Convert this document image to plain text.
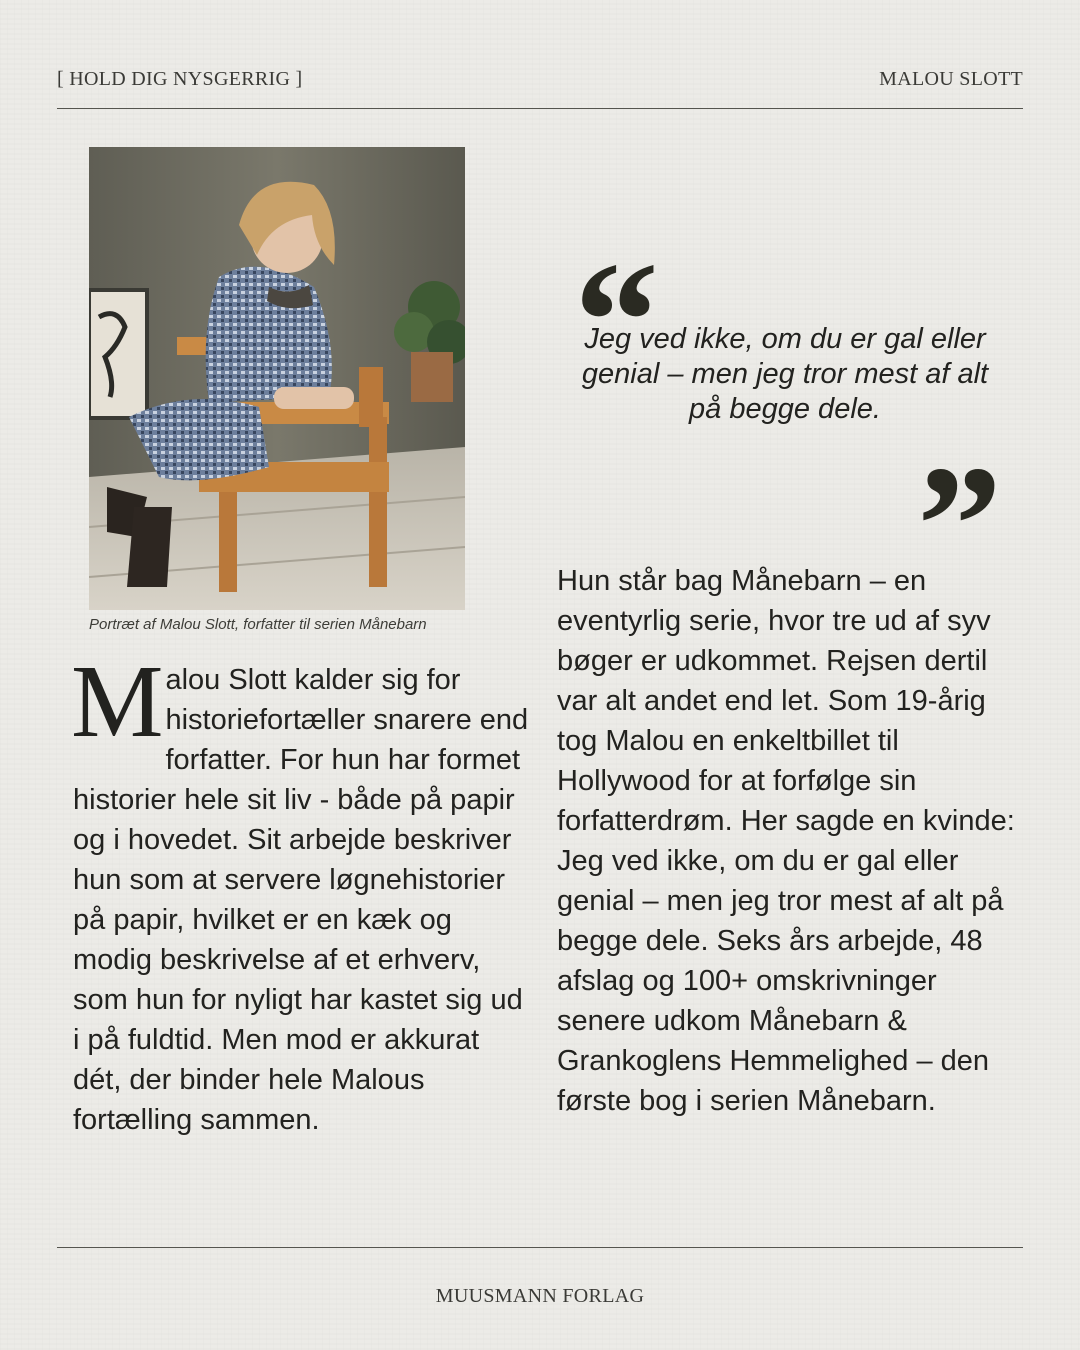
[ HOLD DIG NYSGERRIG ]	MALOU SLOTT
Portræt af Malou Slott, forfatter til serien Månebarn
M alou Slott kalder sig for historiefortæller snarere end forfatter. For hun har formet historier hele sit liv - både på papir og i hovedet. Sit arbejde beskriver hun som at servere løgnehistorier på papir, hvilket er en kæk og modig beskrivelse af et erhverv, som hun for nyligt har kastet sig ud i på fuldtid. Men mod er akkurat dét, der binder hele Malous fortælling sammen.
“
Jeg ved ikke, om du er gal eller genial – men jeg tror mest af alt på begge dele.
”
Hun står bag Månebarn – en eventyrlig serie, hvor tre ud af syv bøger er udkommet. Rejsen dertil var alt andet end let. Som 19-årig tog Malou en enkeltbillet til Hollywood for at forfølge sin forfatterdrøm. Her sagde en kvinde: Jeg ved ikke, om du er gal eller genial – men jeg tror mest af alt på begge dele. Seks års arbejde, 48 afslag og 100+ omskrivninger senere udkom Månebarn & Grankoglens Hemmelighed – den første bog i serien Månebarn.
MUUSMANN FORLAG
